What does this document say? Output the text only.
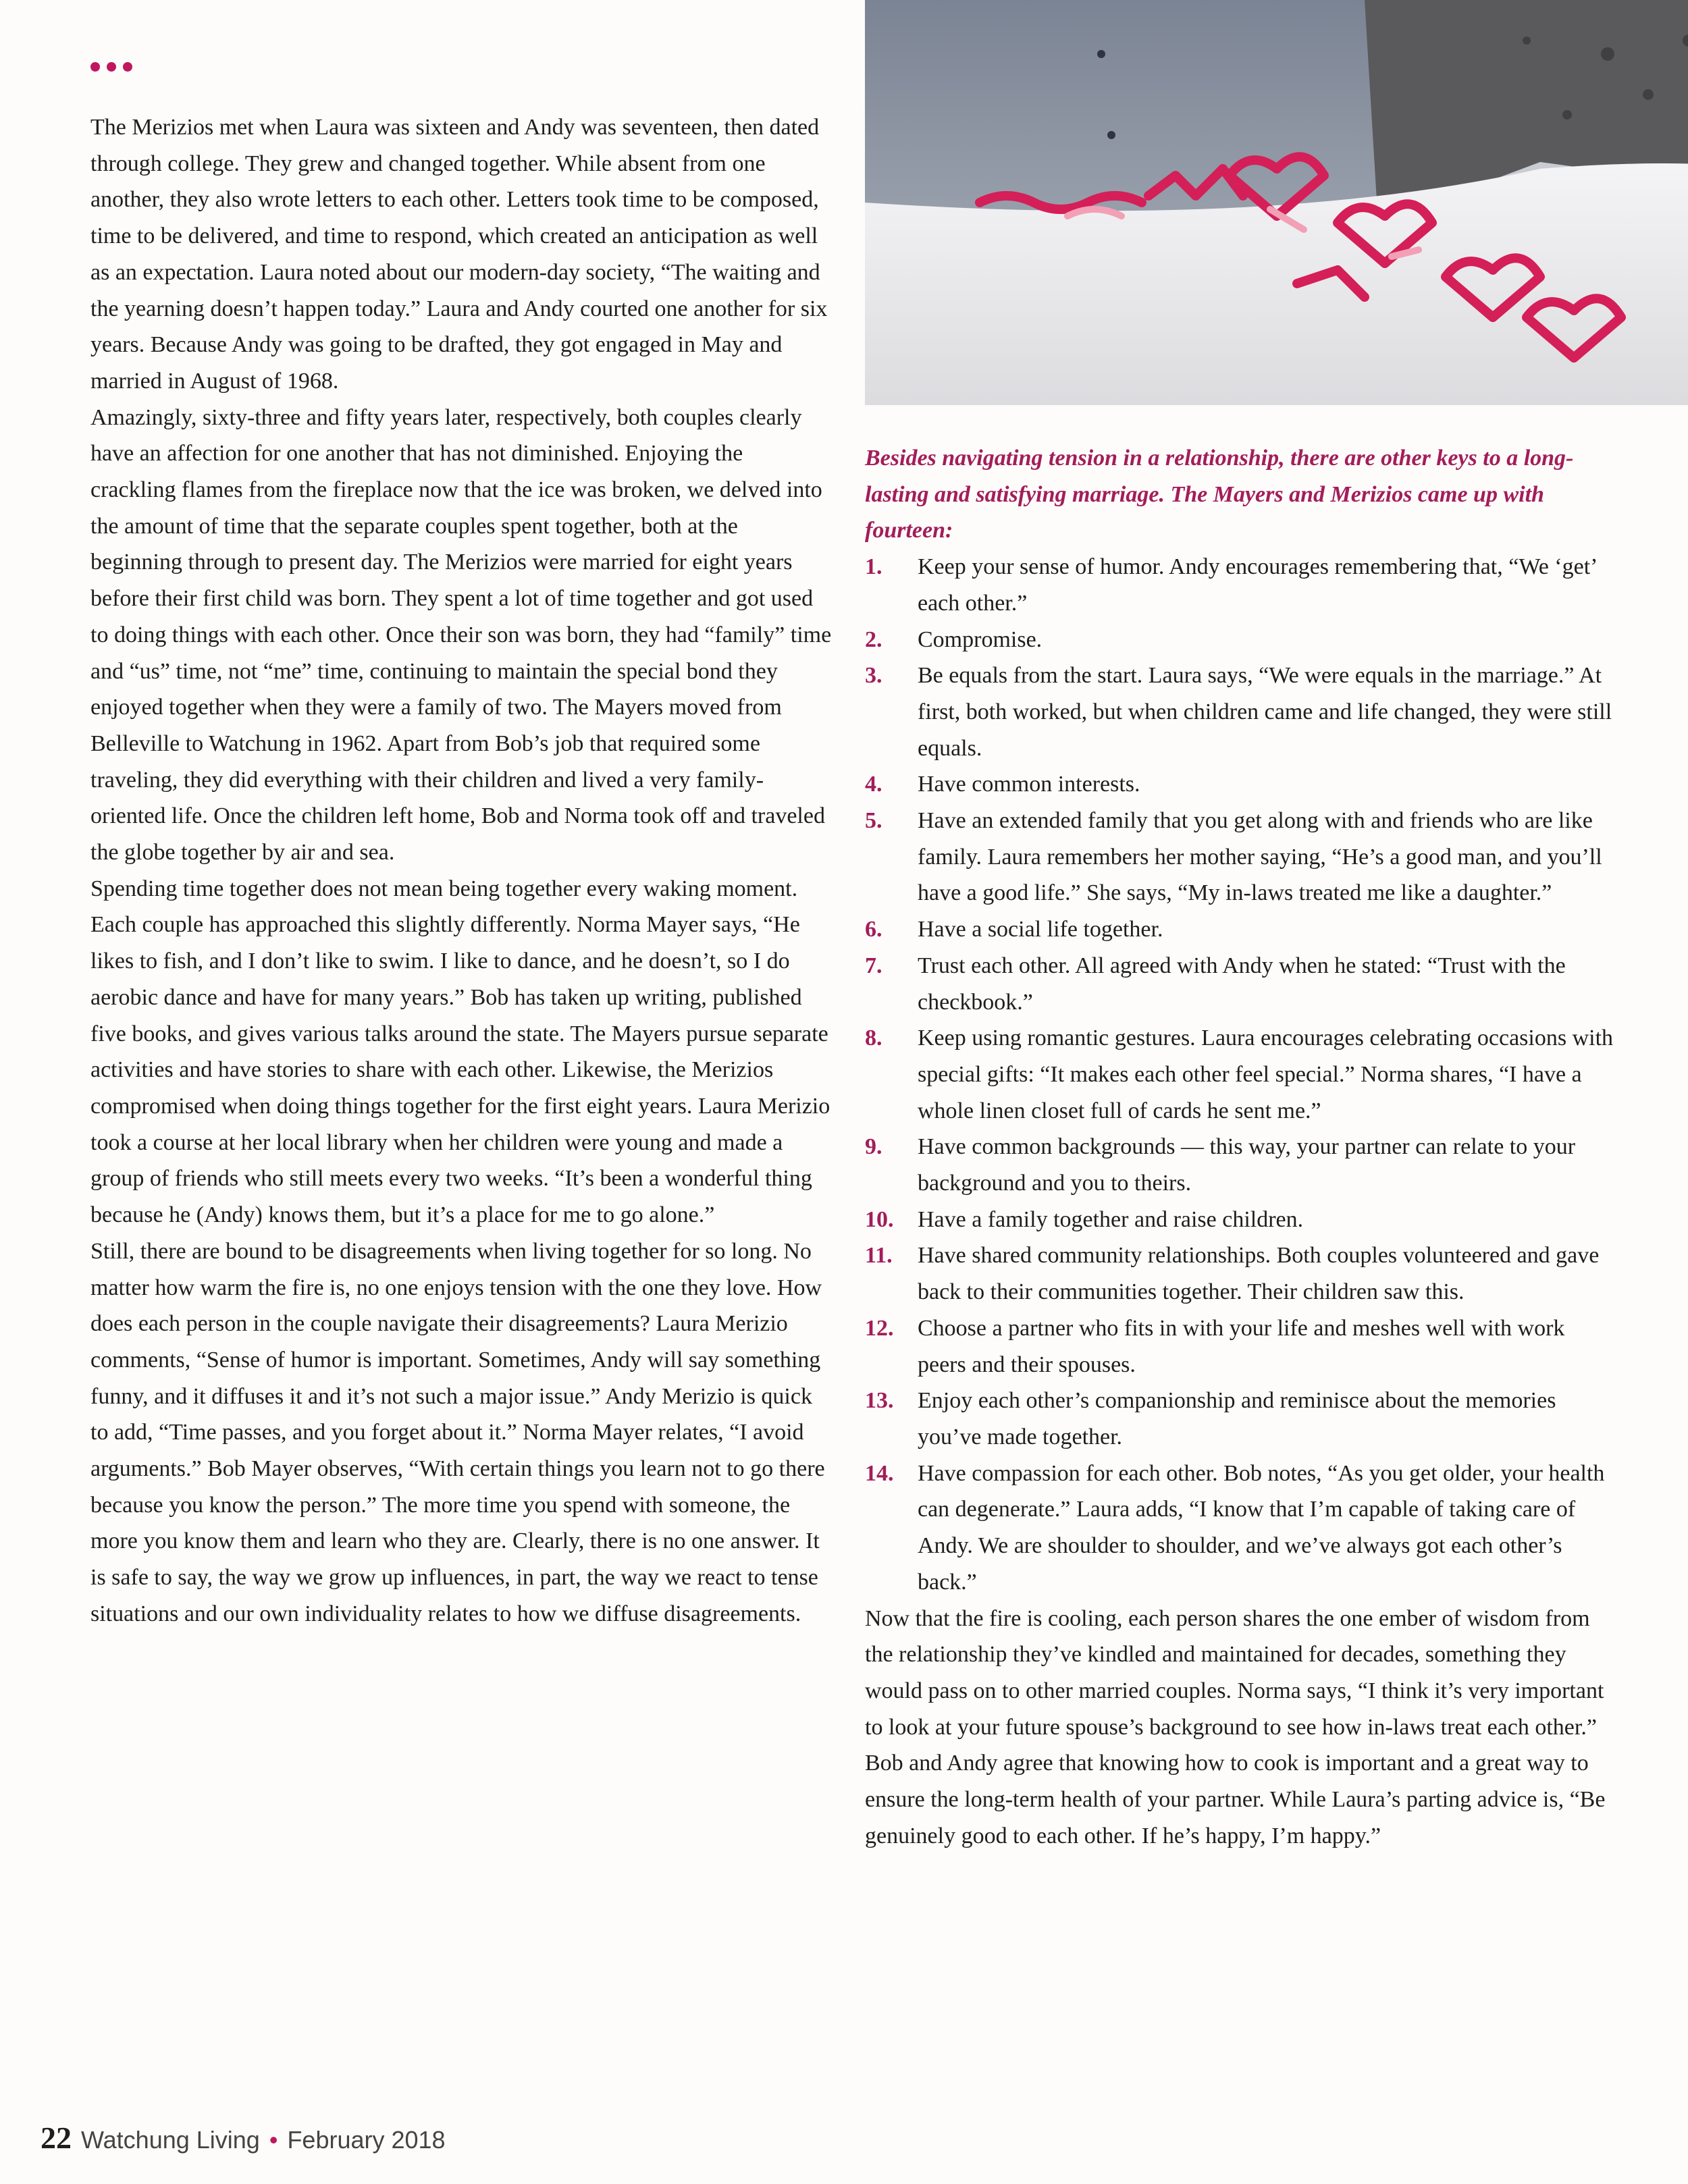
The Merizios met when Laura was sixteen and Andy was seventeen, then dated through college. They grew and changed together. While absent from one another, they also wrote letters to each other. Letters took time to be composed, time to be delivered, and time to respond, which created an anticipation as well as an expectation. Laura noted about our modern-day society, “The waiting and the yearning doesn’t happen today.” Laura and Andy courted one another for six years. Because Andy was going to be drafted, they got engaged in May and married in August of 1968.

Amazingly, sixty-three and fifty years later, respectively, both couples clearly have an affection for one another that has not diminished. Enjoying the crackling flames from the fireplace now that the ice was broken, we delved into the amount of time that the separate couples spent together, both at the beginning through to present day. The Merizios were married for eight years before their first child was born. They spent a lot of time together and got used to doing things with each other. Once their son was born, they had “family” time and “us” time, not “me” time, continuing to maintain the special bond they enjoyed together when they were a family of two. The Mayers moved from Belleville to Watchung in 1962. Apart from Bob’s job that required some traveling, they did everything with their children and lived a very family-oriented life. Once the children left home, Bob and Norma took off and traveled the globe together by air and sea.

Spending time together does not mean being together every waking moment. Each couple has approached this slightly differently. Norma Mayer says, “He likes to fish, and I don’t like to swim. I like to dance, and he doesn’t, so I do aerobic dance and have for many years.” Bob has taken up writing, published five books, and gives various talks around the state. The Mayers pursue separate activities and have stories to share with each other. Likewise, the Merizios compromised when doing things together for the first eight years. Laura Merizio took a course at her local library when her children were young and made a group of friends who still meets every two weeks. “It’s been a wonderful thing because he (Andy) knows them, but it’s a place for me to go alone.”

Still, there are bound to be disagreements when living together for so long. No matter how warm the fire is, no one enjoys tension with the one they love. How does each person in the couple navigate their disagreements? Laura Merizio comments, “Sense of humor is important. Sometimes, Andy will say something funny, and it diffuses it and it’s not such a major issue.” Andy Merizio is quick to add, “Time passes, and you forget about it.” Norma Mayer relates, “I avoid arguments.” Bob Mayer observes, “With certain things you learn not to go there because you know the person.” The more time you spend with someone, the more you know them and learn who they are. Clearly, there is no one answer. It is safe to say, the way we grow up influences, in part, the way we react to tense situations and our own individuality relates to how we diffuse disagreements.

Besides navigating tension in a relationship, there are other keys to a long-lasting and satisfying marriage. The Mayers and Merizios came up with fourteen:

1.	Keep your sense of humor. Andy encourages remembering that, “We ‘get’ each other.”
2.	Compromise.
3.	Be equals from the start. Laura says, “We were equals in the marriage.” At first, both worked, but when children came and life changed, they were still equals.
4.	Have common interests.
5.	Have an extended family that you get along with and friends who are like family. Laura remembers her mother saying, “He’s a good man, and you’ll have a good life.” She says, “My in-laws treated me like a daughter.”
6.	Have a social life together.
7.	Trust each other. All agreed with Andy when he stated: “Trust with the checkbook.”
8.	Keep using romantic gestures. Laura encourages celebrating occasions with special gifts: “It makes each other feel special.” Norma shares, “I have a whole linen closet full of cards he sent me.”
9.	Have common backgrounds — this way, your partner can relate to your background and you to theirs.
10.	Have a family together and raise children.
11.	Have shared community relationships. Both couples volunteered and gave back to their communities together. Their children saw this.
12.	Choose a partner who fits in with your life and meshes well with work peers and their spouses.
13.	Enjoy each other’s companionship and reminisce about the memories you’ve made together.
14.	Have compassion for each other. Bob notes, “As you get older, your health can degenerate.” Laura adds, “I know that I’m capable of taking care of Andy. We are shoulder to shoulder, and we’ve always got each other’s back.”

Now that the fire is cooling, each person shares the one ember of wisdom from the relationship they’ve kindled and maintained for decades, something they would pass on to other married couples. Norma says, “I think it’s very important to look at your future spouse’s background to see how in-laws treat each other.” Bob and Andy agree that knowing how to cook is important and a great way to ensure the long-term health of your partner. While Laura’s parting advice is, “Be genuinely good to each other. If he’s happy, I’m happy.”

22 Watchung Living • February 2018
